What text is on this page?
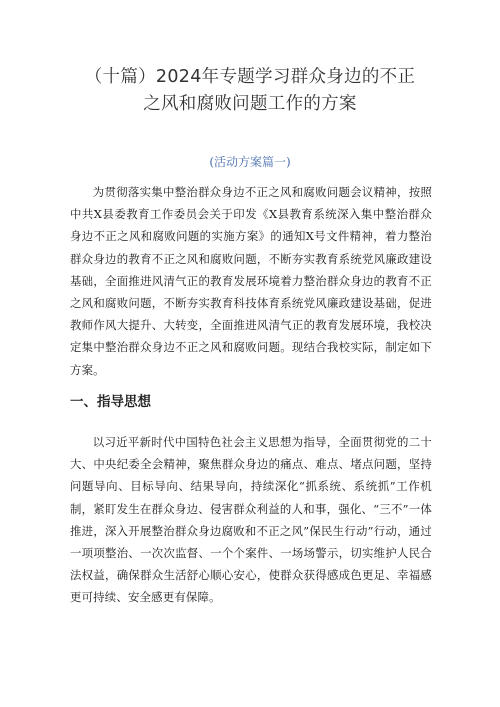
（十篇）2024年专题学习群众身边的不正
之风和腐败问题工作的方案
(活动方案篇一)

为贯彻落实集中整治群众身边不正之风和腐败问题会议精神，按照中共X县委教育工作委员会关于印发《X县教育系统深入集中整治群众身边不正之风和腐败问题的实施方案》的通知X号文件精神，着力整治群众身边的教育不正之风和腐败问题，不断夯实教育系统党风廉政建设基础，全面推进风清气正的教育发展环境着力整治群众身边的教育不正之风和腐败问题，不断夯实教育科技体育系统党风廉政建设基础，促进教师作风大提升、大转变，全面推进风清气正的教育发展环境，我校决定集中整治群众身边不正之风和腐败问题。现结合我校实际，制定如下方案。

一、指导思想

以习近平新时代中国特色社会主义思想为指导，全面贯彻党的二十大、中央纪委全会精神，聚焦群众身边的痛点、难点、堵点问题，坚持问题导向、目标导向、结果导向，持续深化“抓系统、系统抓”工作机制，紧盯发生在群众身边、侵害群众利益的人和事，强化、“三不”一体推进，深入开展整治群众身边腐败和不正之风”保民生行动”行动，通过一项项整治、一次次监督、一个个案件、一场场警示，切实维护人民合法权益，确保群众生活舒心顺心安心，使群众获得感成色更足、幸福感更可持续、安全感更有保障。
